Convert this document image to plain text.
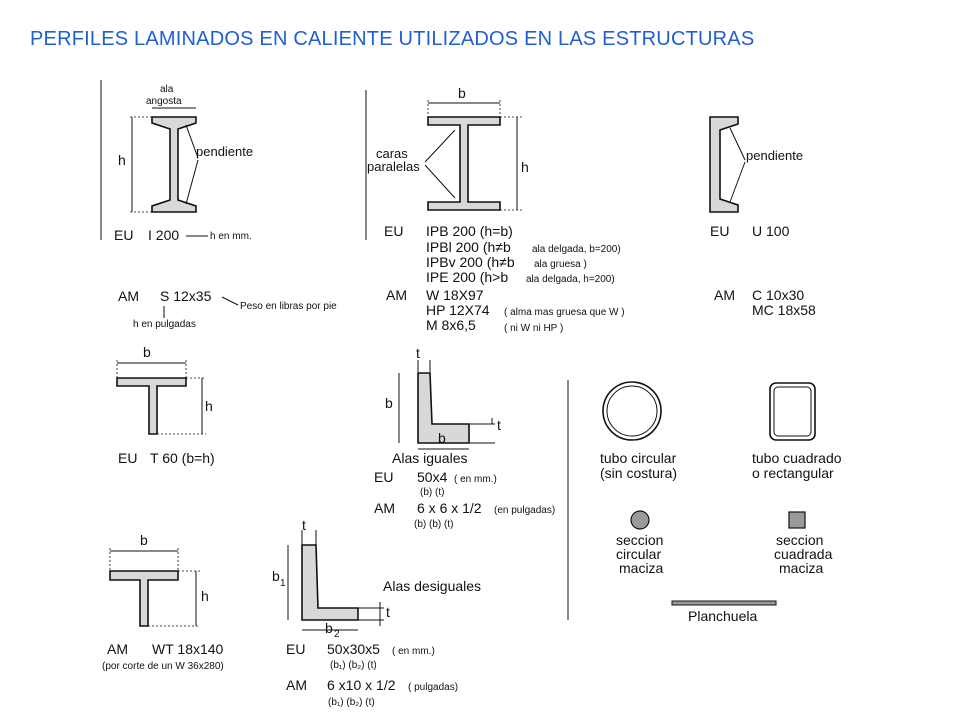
PERFILES LAMINADOS EN CALIENTE UTILIZADOS EN LAS ESTRUCTURAS
ala
angosta
h
pendiente
EU I 200	h en mm.
AM S 12x35
Peso en libras por pie
h en pulgadas
b
h
caras
paralelas
EU IPB 200 (h=b)
IPBl 200 (h≠b ala delgada, b=200)
IPBv 200 (h≠b ala gruesa )
IPE 200 (h>b ala delgada, h=200)
AM W 18X97
HP 12X74 ( alma mas gruesa que W )
M 8x6,5	( ni W ni HP )
pendiente
EU U 100
AM C 10x30
MC 18x58
b
h
EU T 60 (b=h)
t
b
t
b
Alas iguales
EU 50x4 ( en mm.)
(b) (t)
AM 6 x 6 x 1/2 (en pulgadas)
(b) (b) (t)
tubo circular
(sin costura)
tubo cuadrado
o rectangular
seccion
circular
maciza
seccion
cuadrada
maciza
Planchuela
b
h
AM WT 18x140
(por corte de un W 36x280)
t
b 1
t
b 2
Alas desiguales
EU 50x30x5 ( en mm.)
(b₁) (b₂) (t)
AM 6 x10 x 1/2 ( pulgadas)
(b₁) (b₂) (t)
